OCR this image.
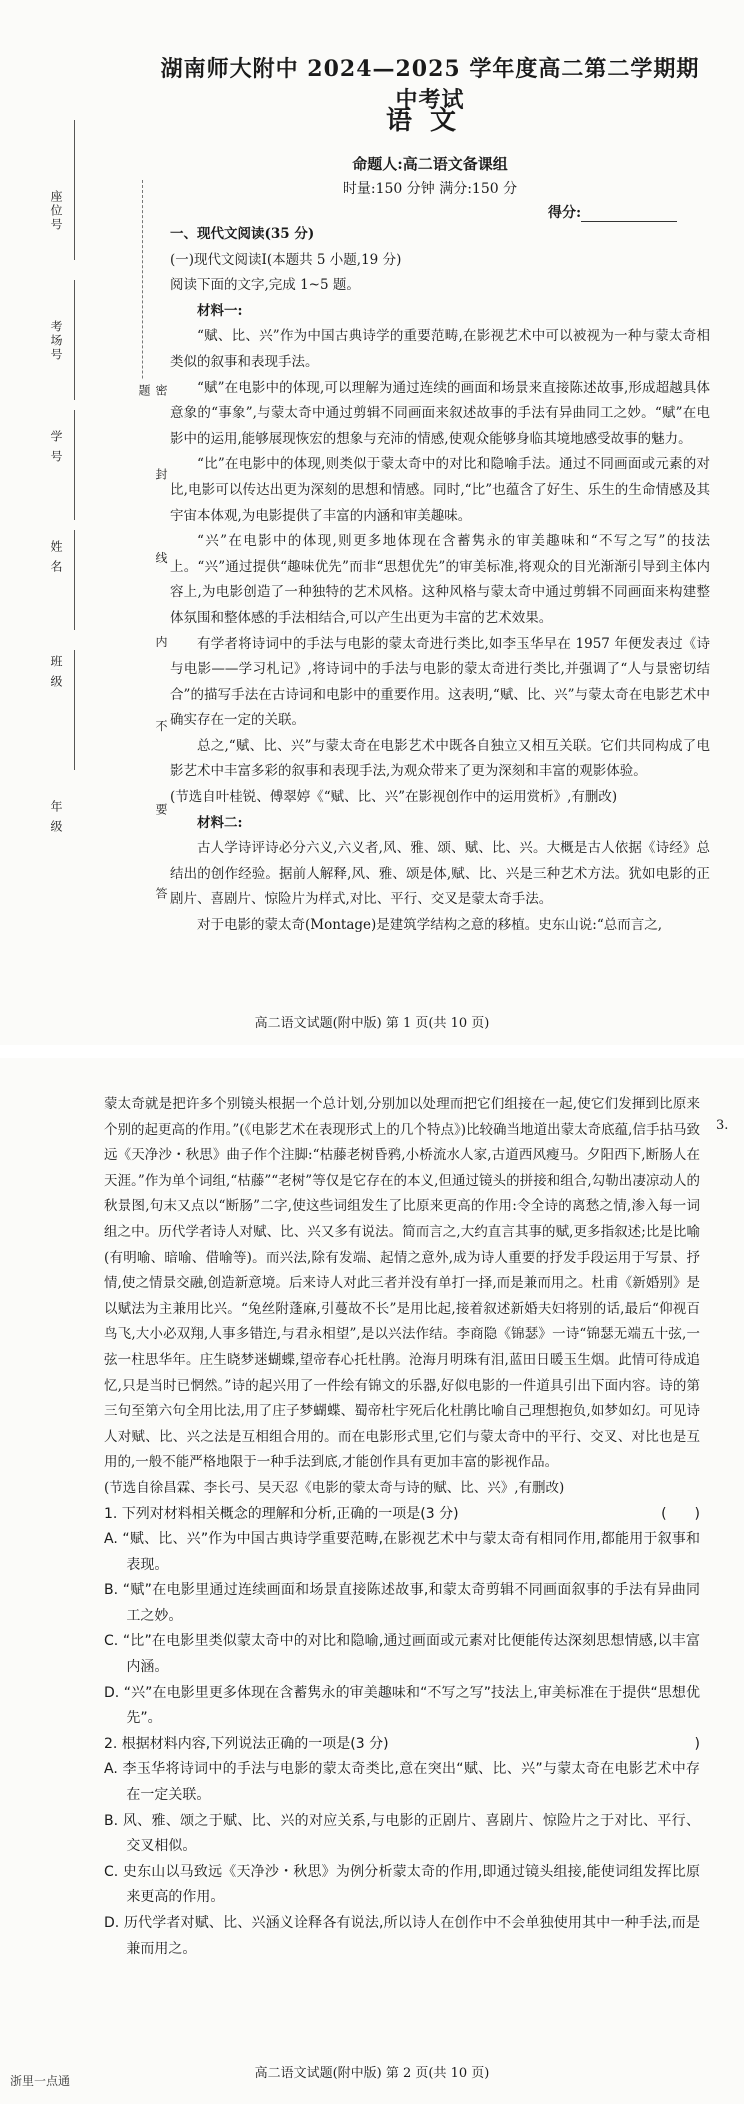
湖南师大附中 2024—2025 学年度高二第二学期期中考试
语文
命题人:高二语文备课组
时量:150 分钟 满分:150 分
得分:
座位号
考场号
学 号
姓 名
班 级
年 级	密 封 线 内 不 要 答 题

一、现代文阅读(35 分)

(一)现代文阅读Ⅰ(本题共 5 小题,19 分)

阅读下面的文字,完成 1~5 题。

材料一:

“赋、比、兴”作为中国古典诗学的重要范畴,在影视艺术中可以被视为一种与蒙太奇相类似的叙事和表现手法。

“赋”在电影中的体现,可以理解为通过连续的画面和场景来直接陈述故事,形成超越具体意象的“事象”,与蒙太奇中通过剪辑不同画面来叙述故事的手法有异曲同工之妙。“赋”在电影中的运用,能够展现恢宏的想象与充沛的情感,使观众能够身临其境地感受故事的魅力。

“比”在电影中的体现,则类似于蒙太奇中的对比和隐喻手法。通过不同画面或元素的对比,电影可以传达出更为深刻的思想和情感。同时,“比”也蕴含了好生、乐生的生命情感及其宇宙本体观,为电影提供了丰富的内涵和审美趣味。

“兴”在电影中的体现,则更多地体现在含蓄隽永的审美趣味和“不写之写”的技法上。“兴”通过提供“趣味优先”而非“思想优先”的审美标准,将观众的目光渐渐引导到主体内容上,为电影创造了一种独特的艺术风格。这种风格与蒙太奇中通过剪辑不同画面来构建整体氛围和整体感的手法相结合,可以产生出更为丰富的艺术效果。

有学者将诗词中的手法与电影的蒙太奇进行类比,如李玉华早在 1957 年便发表过《诗与电影——学习札记》,将诗词中的手法与电影的蒙太奇进行类比,并强调了“人与景密切结合”的描写手法在古诗词和电影中的重要作用。这表明,“赋、比、兴”与蒙太奇在电影艺术中确实存在一定的关联。

总之,“赋、比、兴”与蒙太奇在电影艺术中既各自独立又相互关联。它们共同构成了电影艺术中丰富多彩的叙事和表现手法,为观众带来了更为深刻和丰富的观影体验。

(节选自叶桂锐、傅翠婷《“赋、比、兴”在影视创作中的运用赏析》,有删改)

材料二:

古人学诗评诗必分六义,六义者,风、雅、颂、赋、比、兴。大概是古人依据《诗经》总结出的创作经验。据前人解释,风、雅、颂是体,赋、比、兴是三种艺术方法。犹如电影的正剧片、喜剧片、惊险片为样式,对比、平行、交叉是蒙太奇手法。

对于电影的蒙太奇(Montage)是建筑学结构之意的移植。史东山说:“总而言之,

高二语文试题(附中版) 第 1 页(共 10 页)

蒙太奇就是把许多个别镜头根据一个总计划,分别加以处理而把它们组接在一起,使它们发揮到比原来个别的起更高的作用。”(《电影艺术在表现形式上的几个特点》)比较确当地道出蒙太奇底蕴,信手拈马致远《天净沙・秋思》曲子作个注脚:“枯藤老树昏鸦,小桥流水人家,古道西风瘦马。夕阳西下,断肠人在天涯。”作为单个词组,“枯藤”“老树”等仅是它存在的本义,但通过镜头的拼接和组合,勾勒出凄凉动人的秋景图,句末又点以“断肠”二字,使这些词组发生了比原来更高的作用:令全诗的离愁之情,渗入每一词组之中。历代学者诗人对赋、比、兴又多有说法。简而言之,大约直言其事的赋,更多指叙述;比是比喻(有明喻、暗喻、借喻等)。而兴法,除有发端、起情之意外,成为诗人重要的抒发手段运用于写景、抒情,使之情景交融,创造新意境。后来诗人对此三者并没有单打一择,而是兼而用之。杜甫《新婚别》是以赋法为主兼用比兴。“兔丝附蓬麻,引蔓故不长”是用比起,接着叙述新婚夫妇将别的话,最后“仰视百鸟飞,大小必双翔,人事多错迕,与君永相望”,是以兴法作结。李商隐《锦瑟》一诗“锦瑟无端五十弦,一弦一柱思华年。庄生晓梦迷蝴蝶,望帝春心托杜鹃。沧海月明珠有泪,蓝田日暖玉生烟。此情可待成追忆,只是当时已惘然。”诗的起兴用了一件绘有锦文的乐器,好似电影的一件道具引出下面内容。诗的第三句至第六句全用比法,用了庄子梦蝴蝶、蜀帝杜宇死后化杜鹃比喻自己理想抱负,如梦如幻。可见诗人对赋、比、兴之法是互相组合用的。而在电影形式里,它们与蒙太奇中的平行、交叉、对比也是互用的,一般不能严格地限于一种手法到底,才能创作具有更加丰富的影视作品。

(节选自徐昌霖、李长弓、吴天忍《电影的蒙太奇与诗的赋、比、兴》,有删改)

1. 下列对材料相关概念的理解和分析,正确的一项是(3 分)	(　　)

A. “赋、比、兴”作为中国古典诗学重要范畴,在影视艺术中与蒙太奇有相同作用,都能用于叙事和表现。

B. “赋”在电影里通过连续画面和场景直接陈述故事,和蒙太奇剪辑不同画面叙事的手法有异曲同工之妙。

C. “比”在电影里类似蒙太奇中的对比和隐喻,通过画面或元素对比便能传达深刻思想情感,以丰富内涵。

D. “兴”在电影里更多体现在含蓄隽永的审美趣味和“不写之写”技法上,审美标准在于提供“思想优先”。

2. 根据材料内容,下列说法正确的一项是(3 分)	)

A. 李玉华将诗词中的手法与电影的蒙太奇类比,意在突出“赋、比、兴”与蒙太奇在电影艺术中存在一定关联。

B. 风、雅、颂之于赋、比、兴的对应关系,与电影的正剧片、喜剧片、惊险片之于对比、平行、交叉相似。

C. 史东山以马致远《天净沙・秋思》为例分析蒙太奇的作用,即通过镜头组接,能使词组发挥比原来更高的作用。

D. 历代学者对赋、比、兴涵义诠释各有说法,所以诗人在创作中不会单独使用其中一种手法,而是兼而用之。

高二语文试题(附中版) 第 2 页(共 10 页)
3.
浙里一点通
